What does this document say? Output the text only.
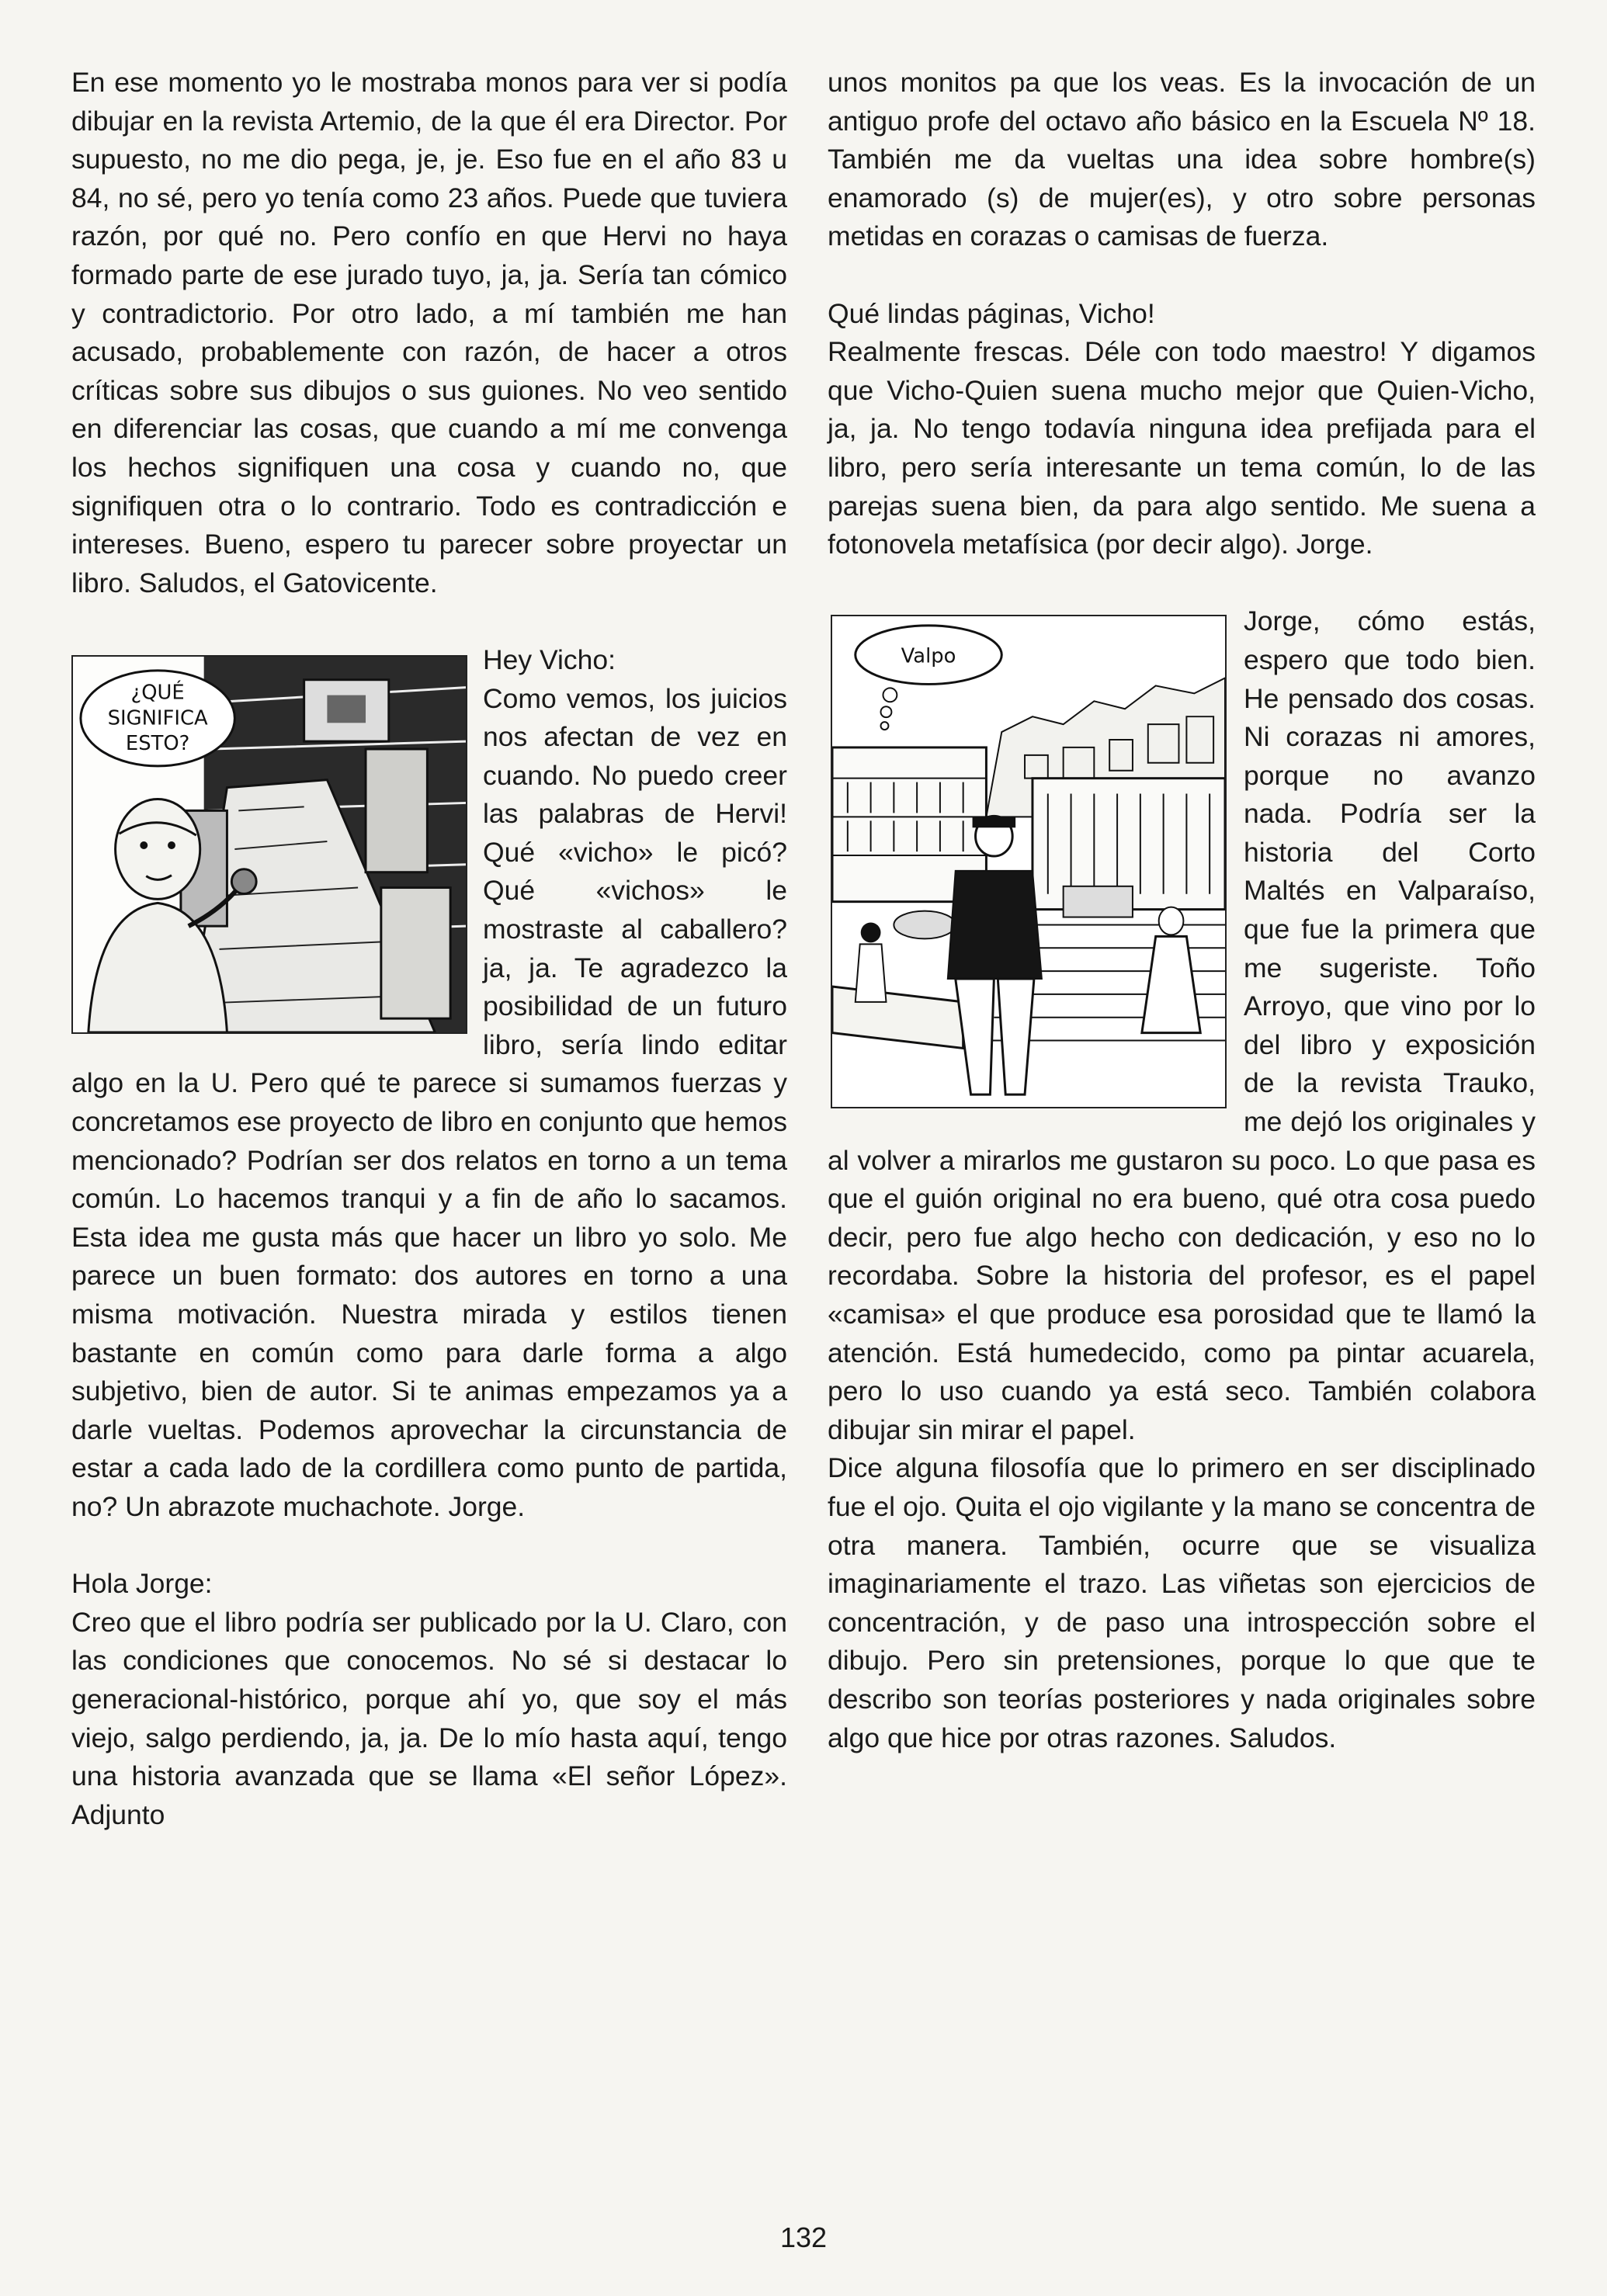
En ese momento yo le mostraba monos para ver si podía dibujar en la revista Artemio, de la que él era Director. Por supuesto, no me dio pega, je, je. Eso fue en el año 83 u 84, no sé, pero yo tenía como 23 años. Puede que tuviera razón, por qué no. Pero confío en que Hervi no haya formado parte de ese jurado tuyo, ja, ja. Sería tan cómico y contradictorio. Por otro lado, a mí también me han acusado, probablemente con razón, de hacer a otros críticas sobre sus dibujos o sus guiones. No veo sentido en diferenciar las cosas, que cuando a mí me convenga los hechos signifiquen una cosa y cuando no, que signifiquen otra o lo contrario. Todo es contradicción e intereses. Bueno, espero tu parecer sobre proyectar un libro. Saludos, el Gatovicente.

¿QUÉ
SIGNIFICA
ESTO?

Hey Vicho:

Como vemos, los juicios nos afectan de vez en cuando. No puedo creer las palabras de Hervi! Qué «vicho» le picó? Qué «vichos» le mostraste al caballero? ja, ja. Te agradezco la posibilidad de un futuro libro, sería lindo editar algo en la U. Pero qué te parece si sumamos fuerzas y concretamos ese proyecto de libro en conjunto que hemos mencionado? Podrían ser dos relatos en torno a un tema común. Lo hacemos tranqui y a fin de año lo sacamos. Esta idea me gusta más que hacer un libro yo solo. Me parece un buen formato: dos autores en torno a una misma motivación. Nuestra mirada y estilos tienen bastante en común como para darle forma a algo subjetivo, bien de autor. Si te animas empezamos ya a darle vueltas. Podemos aprovechar la circunstancia de estar a cada lado de la cordillera como punto de partida, no? Un abrazote muchachote. Jorge.

Hola Jorge:

Creo que el libro podría ser publicado por la U. Claro, con las condiciones que conocemos. No sé si destacar lo generacional-histórico, porque ahí yo, que soy el más viejo, salgo perdiendo, ja, ja. De lo mío hasta aquí, tengo una historia avanzada que se llama «El señor López». Adjunto

unos monitos pa que los veas. Es la invocación de un antiguo profe del octavo año básico en la Escuela Nº 18. También me da vueltas una idea sobre hombre(s) enamorado (s) de mujer(es), y otro sobre personas metidas en corazas o camisas de fuerza.

Qué lindas páginas, Vicho!

Realmente frescas. Déle con todo maestro! Y digamos que Vicho-Quien suena mucho mejor que Quien-Vicho, ja, ja. No tengo todavía ninguna idea prefijada para el libro, pero sería interesante un tema común, lo de las parejas suena bien, da para algo sentido. Me suena a fotonovela metafísica (por decir algo). Jorge.

Valpo

Jorge, cómo estás, espero que todo bien. He pensado dos cosas. Ni corazas ni amores, porque no avanzo nada. Podría ser la historia del Corto Maltés en Valparaíso, que fue la primera que me sugeriste. Toño Arroyo, que vino por lo del libro y exposición de la revista Trauko, me dejó los originales y al volver a mirarlos me gustaron su poco. Lo que pasa es que el guión original no era bueno, qué otra cosa puedo decir, pero fue algo hecho con dedicación, y eso no lo recordaba. Sobre la historia del profesor, es el papel «camisa» el que produce esa porosidad que te llamó la atención. Está humedecido, como pa pintar acuarela, pero lo uso cuando ya está seco. También colabora dibujar sin mirar el papel.

Dice alguna filosofía que lo primero en ser disciplinado fue el ojo. Quita el ojo vigilante y la mano se concentra de otra manera. También, ocurre que se visualiza imaginariamente el trazo. Las viñetas son ejercicios de concentración, y de paso una introspección sobre el dibujo. Pero sin pretensiones, porque lo que que te describo son teorías posteriores y nada originales sobre algo que hice por otras razones. Saludos.

132
